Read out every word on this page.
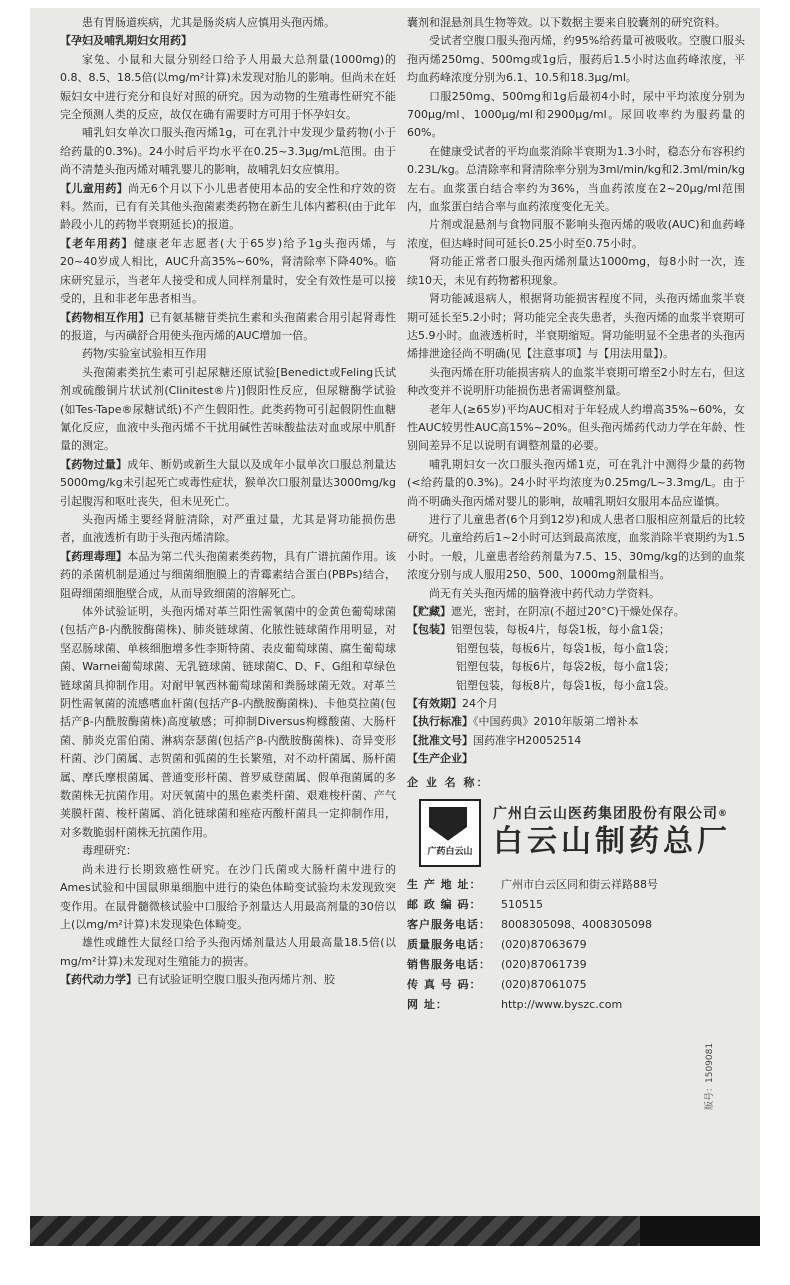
患有胃肠道疾病，尤其是肠炎病人应慎用头孢丙烯。

【孕妇及哺乳期妇女用药】

家兔、小鼠和大鼠分别经口给予人用最大总剂量(1000mg)的0.8、8.5、18.5倍(以mg/m²计算)未发现对胎儿的影响。但尚未在妊娠妇女中进行充分和良好对照的研究。因为动物的生殖毒性研究不能完全预测人类的反应，故仅在确有需要时方可用于怀孕妇女。

哺乳妇女单次口服头孢丙烯1g，可在乳汁中发现少量药物(小于给药量的0.3%)。24小时后平均水平在0.25~3.3μg/mL范围。由于尚不清楚头孢丙烯对哺乳婴儿的影响，故哺乳妇女应慎用。

【儿童用药】尚无6个月以下小儿患者使用本品的安全性和疗效的资料。然而，已有有关其他头孢菌素类药物在新生儿体内蓄积(由于此年龄段小儿的药物半衰期延长)的报道。

【老年用药】健康老年志愿者(大于65岁)给予1g头孢丙烯，与20~40岁成人相比，AUC升高35%~60%，肾清除率下降40%。临床研究显示，当老年人接受和成人同样剂量时，安全有效性是可以接受的，且和非老年患者相当。

【药物相互作用】已有氨基糖苷类抗生素和头孢菌素合用引起肾毒性的报道，与丙磺舒合用使头孢丙烯的AUC增加一倍。

药物/实验室试验相互作用

头孢菌素类抗生素可引起尿糖还原试验[Benedict或Feling氏试剂或硫酸铜片状试剂(Clinitest®片)]假阳性反应，但尿糖酶学试验(如Tes-Tape®尿糖试纸)不产生假阳性。此类药物可引起假阴性血糖氰化反应，血液中头孢丙烯不干扰用碱性苦味酸盐法对血或尿中肌酐量的测定。

【药物过量】成年、断奶或新生大鼠以及成年小鼠单次口服总剂量达5000mg/kg未引起死亡或毒性症状，猴单次口服剂量达3000mg/kg引起腹泻和呕吐丧失，但未见死亡。

头孢丙烯主要经肾脏清除，对严重过量，尤其是肾功能损伤患者，血液透析有助于头孢丙烯清除。

【药理毒理】本品为第二代头孢菌素类药物，具有广谱抗菌作用。该药的杀菌机制是通过与细菌细胞膜上的青霉素结合蛋白(PBPs)结合，阻碍细菌细胞壁合成，从而导致细菌的溶解死亡。

体外试验证明，头孢丙烯对革兰阳性需氧菌中的金黄色葡萄球菌(包括产β-内酰胺酶菌株)、肺炎链球菌、化脓性链球菌作用明显，对坚忍肠球菌、单核细胞增多性李斯特菌、表皮葡萄球菌、腐生葡萄球菌、Warnei葡萄球菌、无乳链球菌、链球菌C、D、F、G组和草绿色链球菌具抑制作用。对耐甲氧西林葡萄球菌和粪肠球菌无效。对革兰阴性需氧菌的流感嗜血杆菌(包括产β-内酰胺酶菌株)、卡他莫拉菌(包括产β-内酰胺酶菌株)高度敏感；可抑制Diversus枸橼酸菌、大肠杆菌、肺炎克雷伯菌、淋病奈瑟菌(包括产β-内酰胺酶菌株)、奇异变形杆菌、沙门菌属、志贺菌和弧菌的生长繁殖，对不动杆菌属、肠杆菌属、摩氏摩根菌属、普通变形杆菌、普罗威登菌属、假单孢菌属的多数菌株无抗菌作用。对厌氧菌中的黑色素类杆菌、艰难梭杆菌、产气荚膜杆菌、梭杆菌属、消化链球菌和痤疮丙酸杆菌具一定抑制作用，对多数脆弱杆菌株无抗菌作用。

毒理研究：

尚未进行长期致癌性研究。在沙门氏菌或大肠杆菌中进行的Ames试验和中国鼠卵巢细胞中进行的染色体畸变试验均未发现致突变作用。在鼠骨髓微核试验中口服给予剂量达人用最高剂量的30倍以上(以mg/m²计算)未发现染色体畸变。

雄性或雌性大鼠经口给予头孢丙烯剂量达人用最高量18.5倍(以mg/m²计算)未发现对生殖能力的损害。

【药代动力学】已有试验证明空腹口服头孢丙烯片剂、胶

囊剂和混悬剂具生物等效。以下数据主要来自胶囊剂的研究资料。

受试者空腹口服头孢丙烯，约95%给药量可被吸收。空腹口服头孢丙烯250mg、500mg或1g后，服药后1.5小时达血药峰浓度，平均血药峰浓度分别为6.1、10.5和18.3μg/ml。

口服250mg、500mg和1g后最初4小时，尿中平均浓度分别为700μg/ml、1000μg/ml和2900μg/ml。尿回收率约为服药量的60%。

在健康受试者的平均血浆消除半衰期为1.3小时，稳态分布容积约0.23L/kg。总清除率和肾清除率分别为3ml/min/kg和2.3ml/min/kg左右。血浆蛋白结合率约为36%，当血药浓度在2~20μg/ml范围内，血浆蛋白结合率与血药浓度变化无关。

片剂或混悬剂与食物同服不影响头孢丙烯的吸收(AUC)和血药峰浓度，但达峰时间可延长0.25小时至0.75小时。

肾功能正常者口服头孢丙烯剂量达1000mg，每8小时一次，连续10天，未见有药物蓄积现象。

肾功能减退病人，根据肾功能损害程度不同，头孢丙烯血浆半衰期可延长至5.2小时；肾功能完全丧失患者，头孢丙烯的血浆半衰期可达5.9小时。血液透析时，半衰期缩短。肾功能明显不全患者的头孢丙烯排泄途径尚不明确(见【注意事项】与【用法用量】)。

头孢丙烯在肝功能损害病人的血浆半衰期可增至2小时左右，但这种改变并不说明肝功能损伤患者需调整剂量。

老年人(≥65岁)平均AUC相对于年轻成人约增高35%~60%，女性AUC较男性AUC高15%~20%。但头孢丙烯药代动力学在年龄、性别间差异不足以说明有调整剂量的必要。

哺乳期妇女一次口服头孢丙烯1克，可在乳汁中测得少量的药物(<给药量的0.3%)。24小时平均浓度为0.25mg/L~3.3mg/L。由于尚不明确头孢丙烯对婴儿的影响，故哺乳期妇女服用本品应谨慎。

进行了儿童患者(6个月到12岁)和成人患者口服相应剂量后的比较研究。儿童给药后1~2小时可达到最高浓度，血浆消除半衰期约为1.5小时。一般，儿童患者给药剂量为7.5、15、30mg/kg的达到的血浆浓度分别与成人服用250、500、1000mg剂量相当。

尚无有关头孢丙烯的脑脊液中药代动力学资料。

【贮藏】遮光，密封，在阴凉(不超过20°C)干燥处保存。

【包装】铝塑包装，每板4片，每袋1板，每小盒1袋；

铝塑包装，每板6片，每袋1板，每小盒1袋；

铝塑包装，每板6片，每袋2板，每小盒1袋；

铝塑包装，每板8片，每袋1板，每小盒1袋。

【有效期】24个月

【执行标准】《中国药典》2010年版第二增补本

【批准文号】国药准字H20052514

【生产企业】

企 业 名 称：
广药白云山
广州白云山医药集团股份有限公司®
白云山制药总厂
生 产 地 址：	广州市白云区同和街云祥路88号
邮 政 编 码：	510515
客户服务电话： 8008305098、4008305098
质量服务电话： (020)87063679
销售服务电话： (020)87061739
传 真 号 码：	(020)87061075
网 址：	http://www.byszc.com
版号：1509081
